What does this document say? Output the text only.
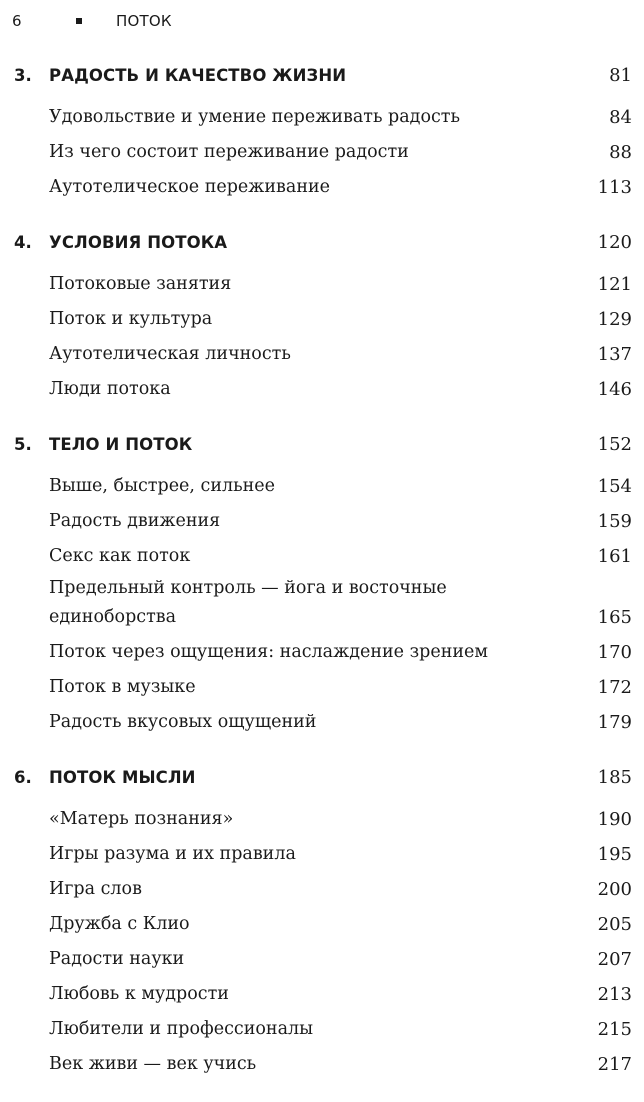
6	ПОТОК
3.	РАДОСТЬ И КАЧЕСТВО ЖИЗНИ	81
Удовольствие и умение переживать радость	84
Из чего состоит переживание радости	88
Аутотелическое переживание	113
4.	УСЛОВИЯ ПОТОКА	120
Потоковые занятия	121
Поток и культура	129
Аутотелическая личность	137
Люди потока	146
5.	ТЕЛО И ПОТОК	152
Выше, быстрее, сильнее	154
Радость движения	159
Секс как поток	161
Предельный контроль — йога и восточные единоборства	165
Поток через ощущения: наслаждение зрением	170
Поток в музыке	172
Радость вкусовых ощущений	179
6.	ПОТОК МЫСЛИ	185
«Матерь познания»	190
Игры разума и их правила	195
Игра слов	200
Дружба с Клио	205
Радости науки	207
Любовь к мудрости	213
Любители и профессионалы	215
Век живи — век учись	217
